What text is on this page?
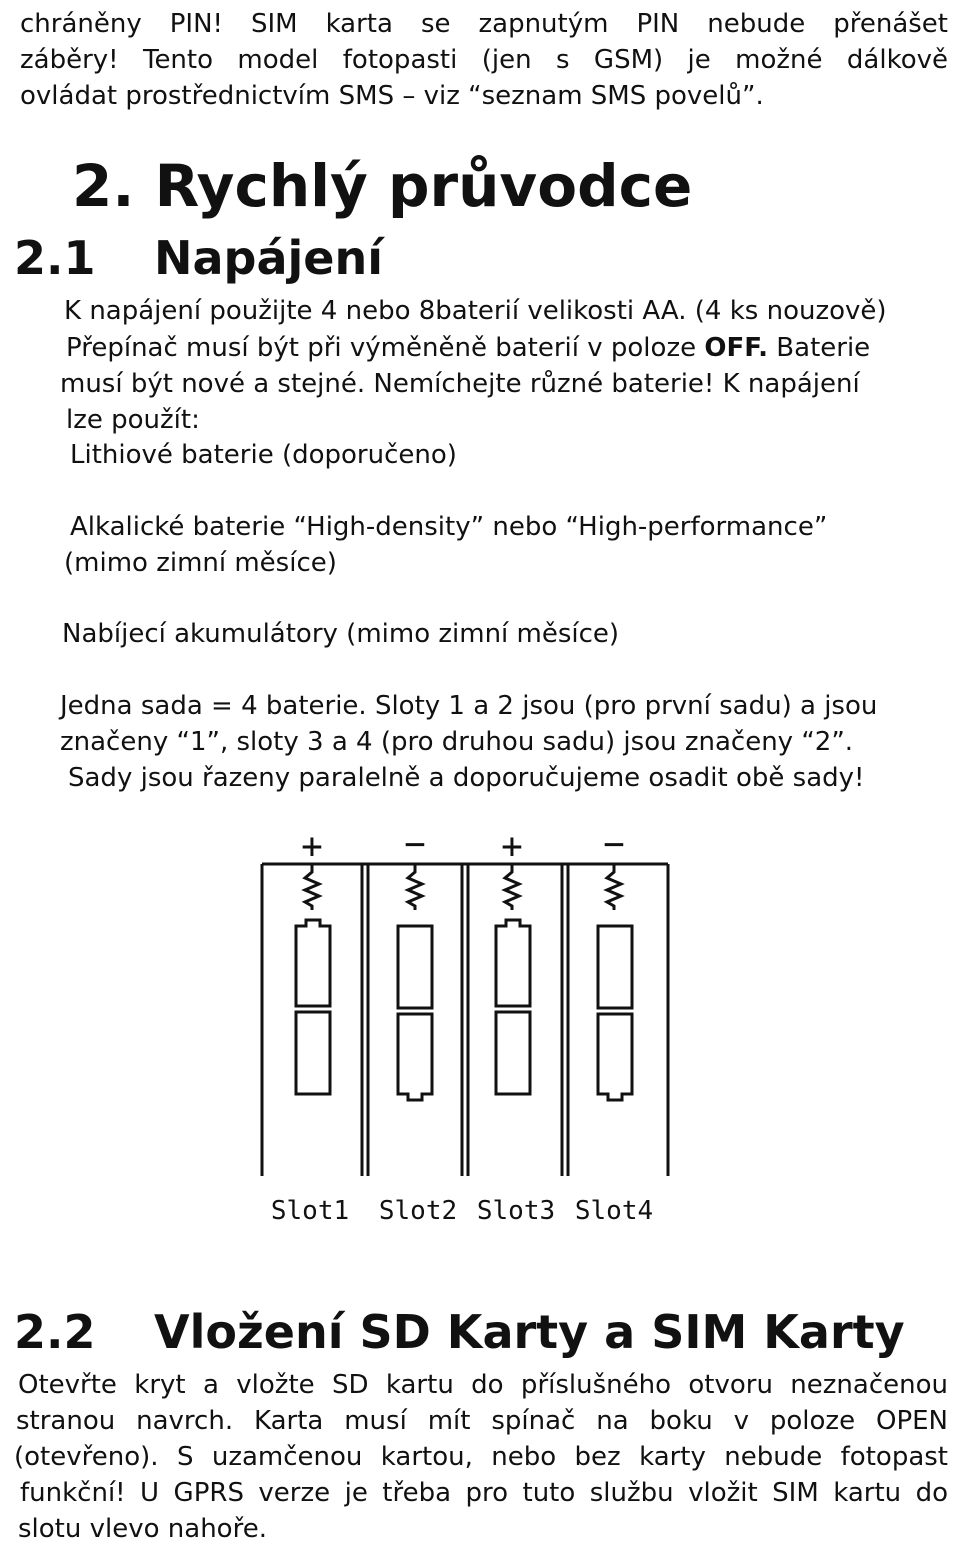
chráněny PIN! SIM karta se zapnutým PIN nebude přenášet
záběry! Tento model fotopasti (jen s GSM) je možné dálkově
ovládat prostřednictvím SMS – viz “seznam SMS povelů”.
2. Rychlý průvodce
2.1 Napájení
K napájení použijte 4 nebo 8baterií velikosti AA. (4 ks nouzově)
Přepínač musí být při výměněně baterií v poloze OFF. Baterie
musí být nové a stejné. Nemíchejte různé baterie! K napájení
lze použít:
Lithiové baterie (doporučeno)
Alkalické baterie “High-density” nebo “High-performance”
(mimo zimní měsíce)
Nabíjecí akumulátory (mimo zimní měsíce)
Jedna sada = 4 baterie. Sloty 1 a 2 jsou (pro první sadu) a jsou
značeny “1”, sloty 3 a 4 (pro druhou sadu) jsou značeny “2”.
Sady jsou řazeny paralelně a doporučujeme osadit obě sady!
+ − + −
Slot1 Slot2 Slot3 Slot4
2.2 Vložení SD Karty a SIM Karty
Otevřte kryt a vložte SD kartu do příslušného otvoru neznačenou
stranou navrch. Karta musí mít spínač na boku v poloze OPEN
(otevřeno). S uzamčenou kartou, nebo bez karty nebude fotopast
funkční! U GPRS verze je třeba pro tuto službu vložit SIM kartu do
slotu vlevo nahoře.
